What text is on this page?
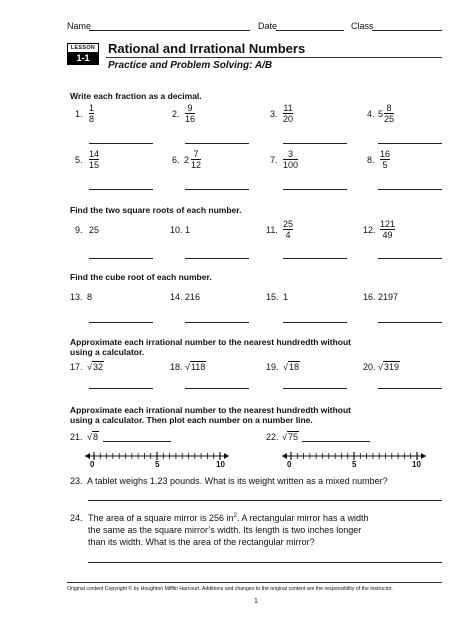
Name	Date	Class
LESSON
1-1
Rational and Irrational Numbers
Practice and Problem Solving: A/B
Write each fraction as a decimal.
1.
1
8	2.
9
16	3.
11
20	4. 5
8
25
5.
14
15	6. 2
7
12	7.
3
100	8.
16
5
Find the two square roots of each number.
9. 25	10. 1	11.
25
4	12.
121
49
Find the cube root of each number.
13. 8	14. 216	15. 1	16. 2197
Approximate each irrational number to the nearest hundredth without
using a calculator.
17. √32	18. √118	19. √18	20. √319
Approximate each irrational number to the nearest hundredth without
using a calculator. Then plot each number on a number line.
21. √8	22. √75
0	5	10	0	5	10
23. A tablet weighs 1.23 pounds. What is its weight written as a mixed number?
24. The area of a square mirror is 256 $in^2$. A rectangular mirror has a width
the same as the square mirror’s width. Its length is two inches longer
than its width. What is the area of the rectangular mirror?
Original content Copyright © by Houghton Mifflin Harcourt. Additions and changes to the original content are the responsibility of the instructor.
1
